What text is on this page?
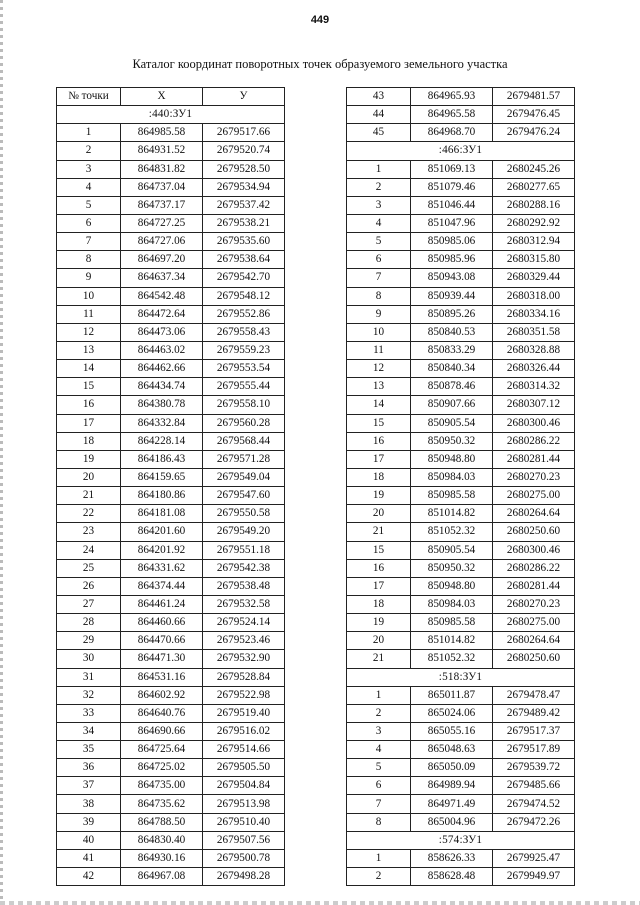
449
Каталог координат поворотных точек образуемого земельного участка
№ точки	Х	У
:440:ЗУ1		
1	864985.58	2679517.66
2	864931.52	2679520.74
3	864831.82	2679528.50
4	864737.04	2679534.94
5	864737.17	2679537.42
6	864727.25	2679538.21
7	864727.06	2679535.60
8	864697.20	2679538.64
9	864637.34	2679542.70
10	864542.48	2679548.12
11	864472.64	2679552.86
12	864473.06	2679558.43
13	864463.02	2679559.23
14	864462.66	2679553.54
15	864434.74	2679555.44
16	864380.78	2679558.10
17	864332.84	2679560.28
18	864228.14	2679568.44
19	864186.43	2679571.28
20	864159.65	2679549.04
21	864180.86	2679547.60
22	864181.08	2679550.58
23	864201.60	2679549.20
24	864201.92	2679551.18
25	864331.62	2679542.38
26	864374.44	2679538.48
27	864461.24	2679532.58
28	864460.66	2679524.14
29	864470.66	2679523.46
30	864471.30	2679532.90
31	864531.16	2679528.84
32	864602.92	2679522.98
33	864640.76	2679519.40
34	864690.66	2679516.02
35	864725.64	2679514.66
36	864725.02	2679505.50
37	864735.00	2679504.84
38	864735.62	2679513.98
39	864788.50	2679510.40
40	864830.40	2679507.56
41	864930.16	2679500.78
42	864967.08	2679498.28
43	864965.93	2679481.57
44	864965.58	2679476.45
45	864968.70	2679476.24
:466:ЗУ1		
1	851069.13	2680245.26
2	851079.46	2680277.65
3	851046.44	2680288.16
4	851047.96	2680292.92
5	850985.06	2680312.94
6	850985.96	2680315.80
7	850943.08	2680329.44
8	850939.44	2680318.00
9	850895.26	2680334.16
10	850840.53	2680351.58
11	850833.29	2680328.88
12	850840.34	2680326.44
13	850878.46	2680314.32
14	850907.66	2680307.12
15	850905.54	2680300.46
16	850950.32	2680286.22
17	850948.80	2680281.44
18	850984.03	2680270.23
19	850985.58	2680275.00
20	851014.82	2680264.64
21	851052.32	2680250.60
15	850905.54	2680300.46
16	850950.32	2680286.22
17	850948.80	2680281.44
18	850984.03	2680270.23
19	850985.58	2680275.00
20	851014.82	2680264.64
21	851052.32	2680250.60
:518:ЗУ1		
1	865011.87	2679478.47
2	865024.06	2679489.42
3	865055.16	2679517.37
4	865048.63	2679517.89
5	865050.09	2679539.72
6	864989.94	2679485.66
7	864971.49	2679474.52
8	865004.96	2679472.26
:574:ЗУ1		
1	858626.33	2679925.47
2	858628.48	2679949.97
